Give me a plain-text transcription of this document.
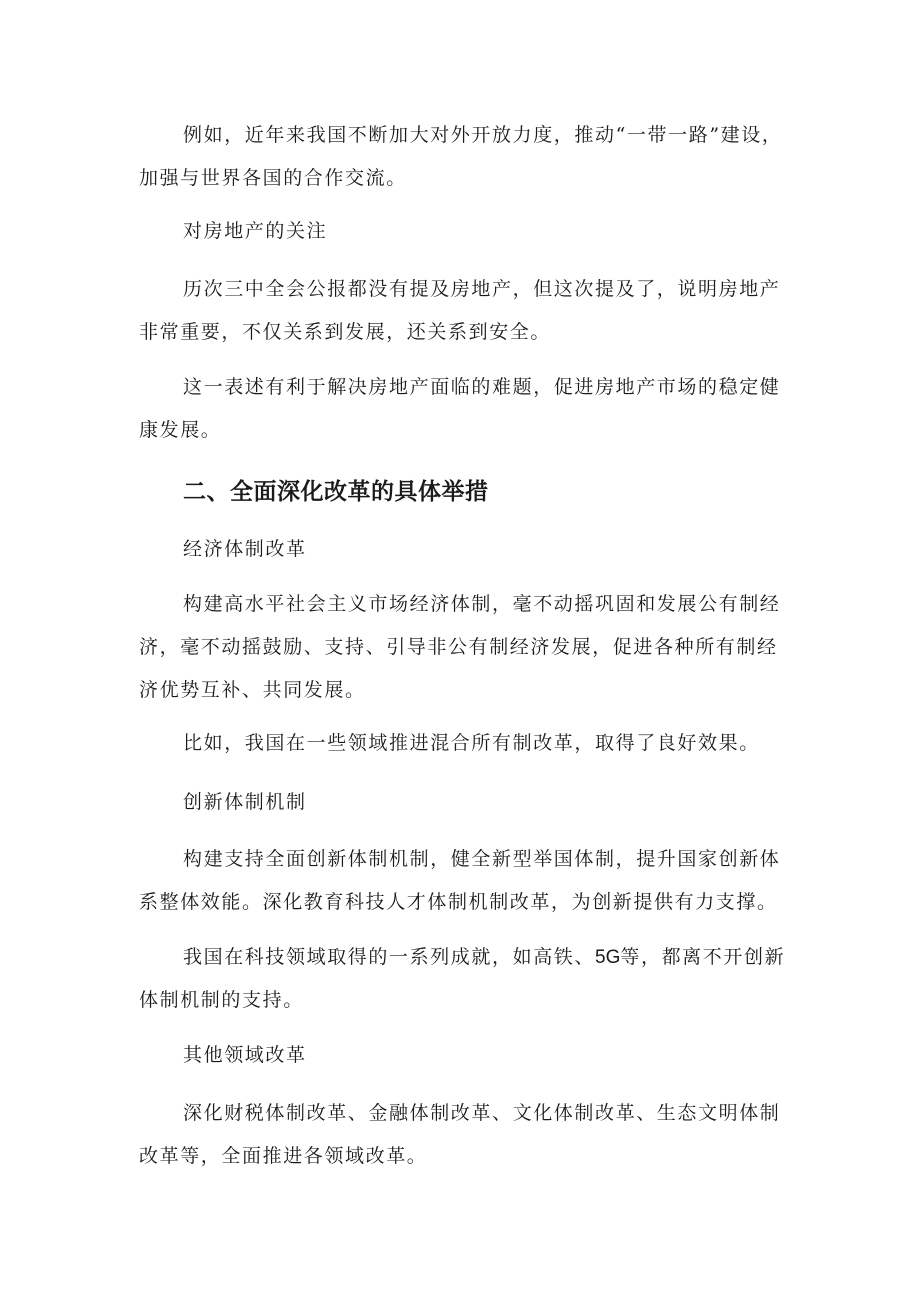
例如，近年来我国不断加大对外开放力度，推动“一带一路”建设，加强与世界各国的合作交流。

对房地产的关注

历次三中全会公报都没有提及房地产，但这次提及了，说明房地产非常重要，不仅关系到发展，还关系到安全。

这一表述有利于解决房地产面临的难题，促进房地产市场的稳定健康发展。

二、全面深化改革的具体举措

经济体制改革

构建高水平社会主义市场经济体制，毫不动摇巩固和发展公有制经济，毫不动摇鼓励、支持、引导非公有制经济发展，促进各种所有制经济优势互补、共同发展。

比如，我国在一些领域推进混合所有制改革，取得了良好效果。

创新体制机制

构建支持全面创新体制机制，健全新型举国体制，提升国家创新体系整体效能。深化教育科技人才体制机制改革，为创新提供有力支撑。

我国在科技领域取得的一系列成就，如高铁、5G等，都离不开创新体制机制的支持。

其他领域改革

深化财税体制改革、金融体制改革、文化体制改革、生态文明体制改革等，全面推进各领域改革。
